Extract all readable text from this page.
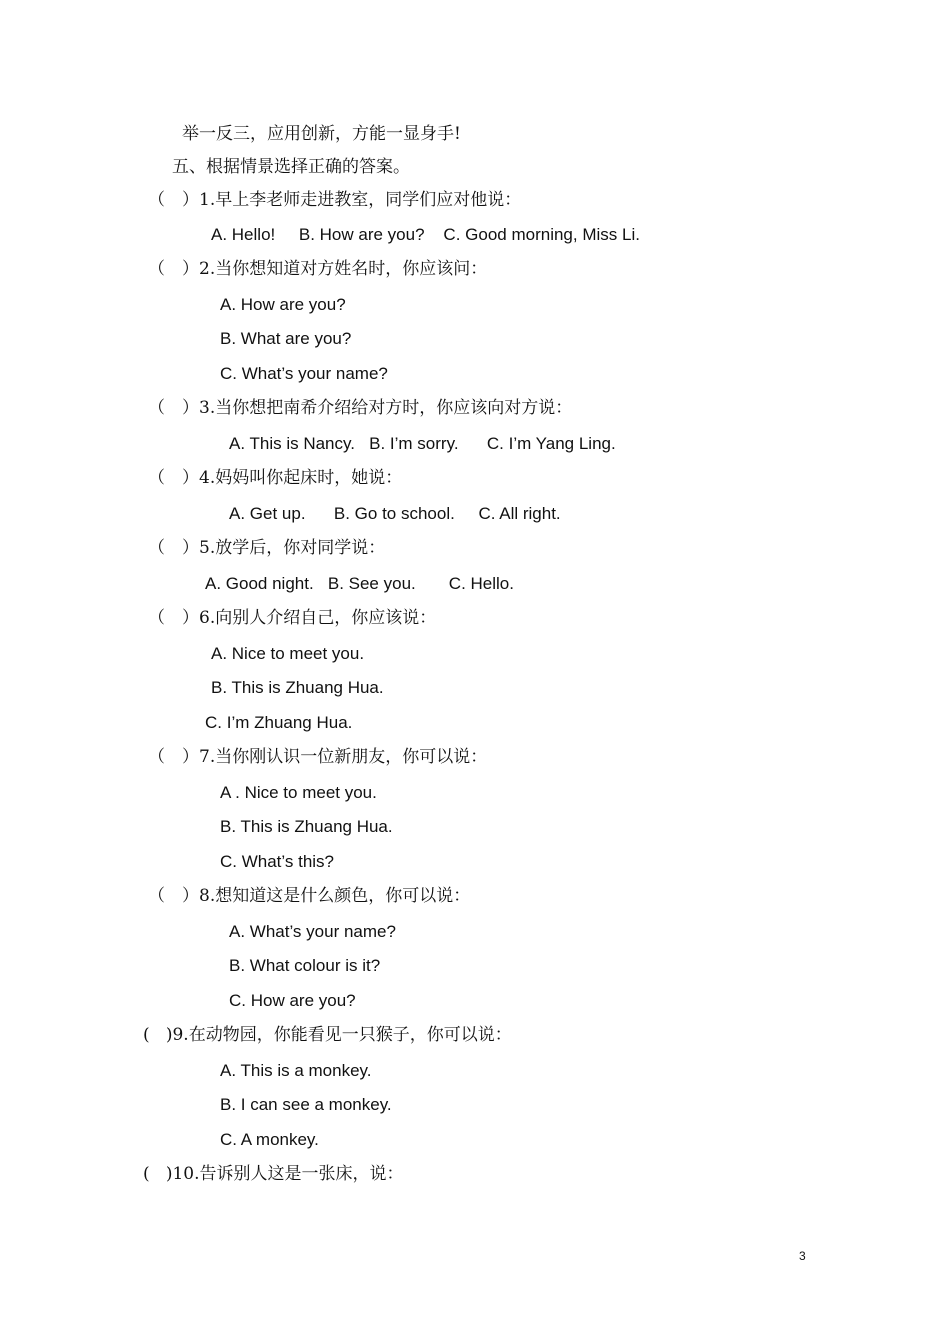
举一反三，应用创新，方能一显身手!
五、根据情景选择正确的答案。
（　）1.早上李老师走进教室，同学们应对他说：
A. Hello!     B. How are you?    C. Good morning, Miss Li.
（　）2.当你想知道对方姓名时，你应该问：
A. How are you?
B. What are you?
C. What’s your name?
（　）3.当你想把南希介绍给对方时，你应该向对方说：
A. This is Nancy.   B. I’m sorry.      C. I’m Yang Ling.
（　）4.妈妈叫你起床时，她说：
A. Get up.      B. Go to school.     C. All right.
（　）5.放学后，你对同学说：
A. Good night.   B. See you.       C. Hello.
（　）6.向别人介绍自己，你应该说：
A. Nice to meet you.
B. This is Zhuang Hua.
C. I’m Zhuang Hua.
（　）7.当你刚认识一位新朋友，你可以说：
A . Nice to meet you.
B. This is Zhuang Hua.
C. What’s this?
（　）8.想知道这是什么颜色，你可以说：
A. What’s your name?
B. What colour is it?
C. How are you?
(   )9.在动物园，你能看见一只猴子，你可以说：
A. This is a monkey.
B. I can see a monkey.
C. A monkey.
(   )10.告诉别人这是一张床，说：
3
